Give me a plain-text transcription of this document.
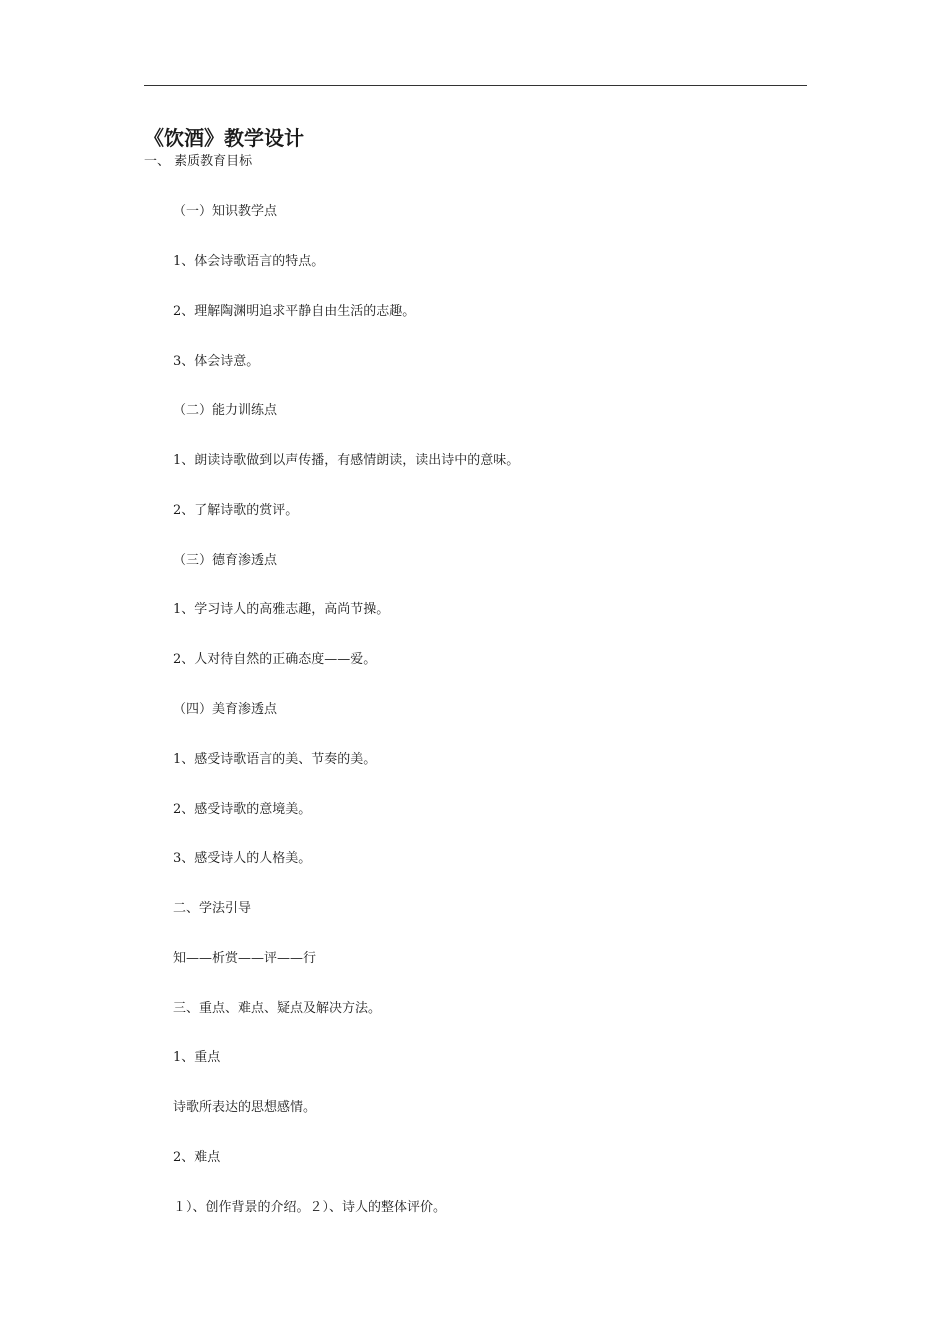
《饮酒》教学设计
一、 素质教育目标
（一）知识教学点
1、体会诗歌语言的特点。
2、理解陶渊明追求平静自由生活的志趣。
3、体会诗意。
（二）能力训练点
1、朗读诗歌做到以声传播，有感情朗读，读出诗中的意味。
2、了解诗歌的赏评。
（三）德育渗透点
1、学习诗人的高雅志趣，高尚节操。
2、人对待自然的正确态度——爱。
（四）美育渗透点
1、感受诗歌语言的美、节奏的美。
2、感受诗歌的意境美。
3、感受诗人的人格美。
二、学法引导
知——析赏——评——行
三、重点、难点、疑点及解决方法。
1、重点
诗歌所表达的思想感情。
2、难点
１）、创作背景的介绍。２）、诗人的整体评价。
